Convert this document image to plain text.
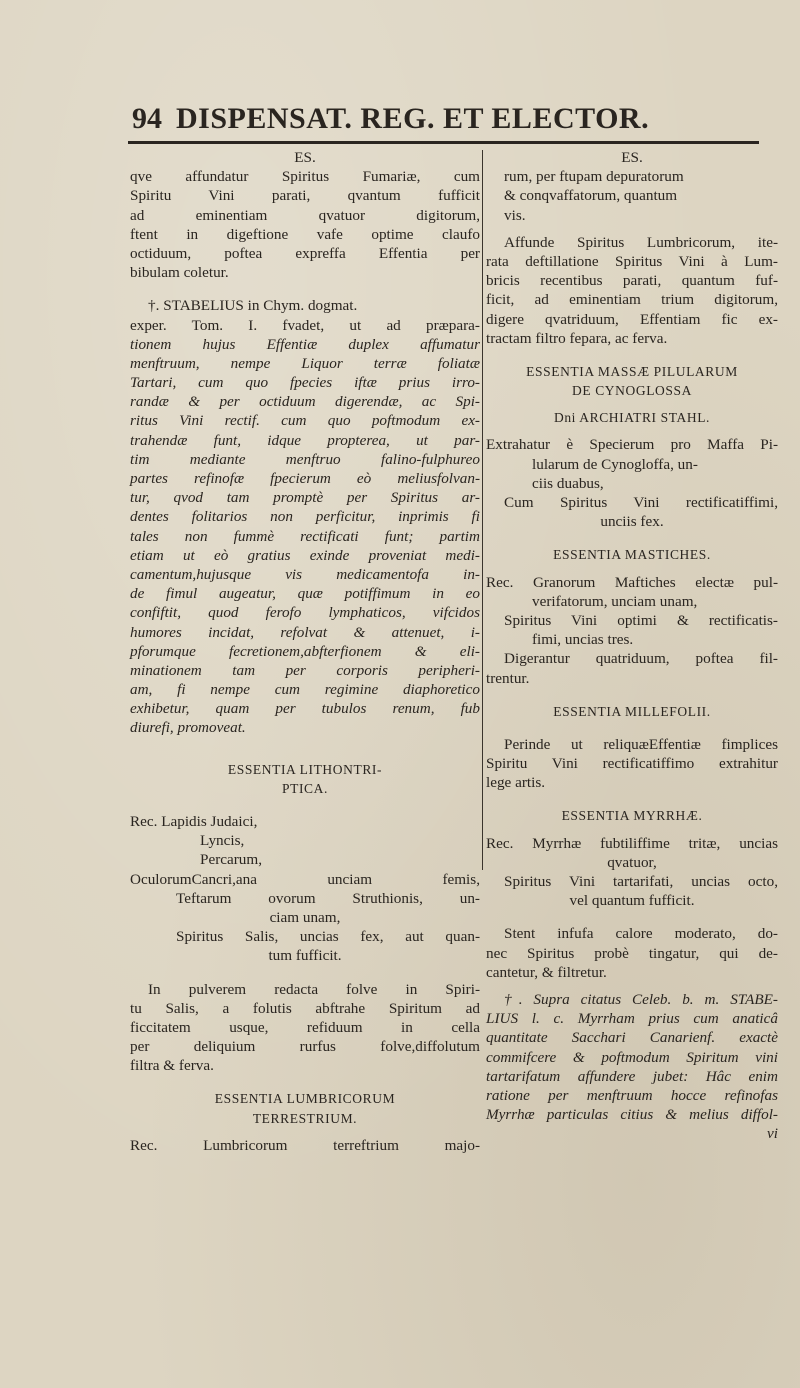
94 DISPENSAT. REG. ET ELECTOR.
ES.
qve affundatur Spiritus Fumariæ, cum
Spiritu Vini parati, qvantum fufficit
ad eminentiam qvatuor digitorum,
ftent in digeftione vafe optime claufo
octiduum, poftea expreffa Effentia per
bibulam coletur.
†. STABELIUS in Chym. dogmat.
exper. Tom. I. fvadet, ut ad præpara-
tionem hujus Effentiæ duplex affumatur
menftruum, nempe Liquor terræ foliatæ
Tartari, cum quo fpecies iftæ prius irro-
randæ & per octiduum digerendæ, ac Spi-
ritus Vini rectif. cum quo poftmodum ex-
trahendæ funt, idque propterea, ut par-
tim mediante menftruo falino-fulphureo
partes refinofæ fpecierum eò meliusfolvan-
tur, qvod tam promptè per Spiritus ar-
dentes folitarios non perficitur, inprimis fi
tales non fummè rectificati funt; partim
etiam ut eò gratius exinde proveniat medi-
camentum,hujusque vis medicamentofa in-
de fimul augeatur, quæ potiffimum in eo
confiftit, quod ferofo lymphaticos, vifcidos
humores incidat, refolvat & attenuet, i-
pforumque fecretionem,abfterfionem & eli-
minationem tam per corporis peripheri-
am, fi nempe cum regimine diaphoretico
exhibetur, quam per tubulos renum, fub
diurefi, promoveat.
ESSENTIA LITHONTRI-
PTICA.
Rec. Lapidis Judaici,
Lyncis,
Percarum,
OculorumCancri,ana unciam femis,
Teftarum ovorum Struthionis, un-
ciam unam,
Spiritus Salis, uncias fex, aut quan-
tum fufficit.
In pulverem redacta folve in Spiri-
tu Salis, a folutis abftrahe Spiritum ad
ficcitatem usque, refiduum in cella
per deliquium rurfus folve,diffolutum
filtra & ferva.
ESSENTIA LUMBRICORUM
TERRESTRIUM.
Rec. Lumbricorum terreftrium majo-
ES.
rum, per ftupam depuratorum
& conqvaffatorum, quantum
vis.
Affunde Spiritus Lumbricorum, ite-
rata deftillatione Spiritus Vini à Lum-
bricis recentibus parati, quantum fuf-
ficit, ad eminentiam trium digitorum,
digere qvatriduum, Effentiam fic ex-
tractam filtro fepara, ac ferva.
ESSENTIA MASSÆ PILULARUM
DE CYNOGLOSSA
Dni ARCHIATRI STAHL.
Extrahatur è Specierum pro Maffa Pi-
lularum de Cynogloffa, un-
ciis duabus,
Cum Spiritus Vini rectificatiffimi,
unciis fex.
ESSENTIA MASTICHES.
Rec. Granorum Maftiches electæ pul-
verifatorum, unciam unam,
Spiritus Vini optimi & rectificatis-
fimi, uncias tres.
Digerantur quatriduum, poftea fil-
trentur.
ESSENTIA MILLEFOLII.
Perinde ut reliquæEffentiæ fimplices
Spiritu Vini rectificatiffimo extrahitur
lege artis.
ESSENTIA MYRRHÆ.
Rec. Myrrhæ fubtiliffime tritæ, uncias
qvatuor,
Spiritus Vini tartarifati, uncias octo,
vel quantum fufficit.
Stent infufa calore moderato, do-
nec Spiritus probè tingatur, qui de-
cantetur, & filtretur.
†. Supra citatus Celeb. b. m. STABE-
LIUS l. c. Myrrham prius cum anaticâ
quantitate Sacchari Canarienf. exactè
commifcere & poftmodum Spiritum vini
tartarifatum affundere jubet: Hâc enim
ratione per menftruum hocce refinofas
Myrrhæ particulas citius & melius diffol-
vi
